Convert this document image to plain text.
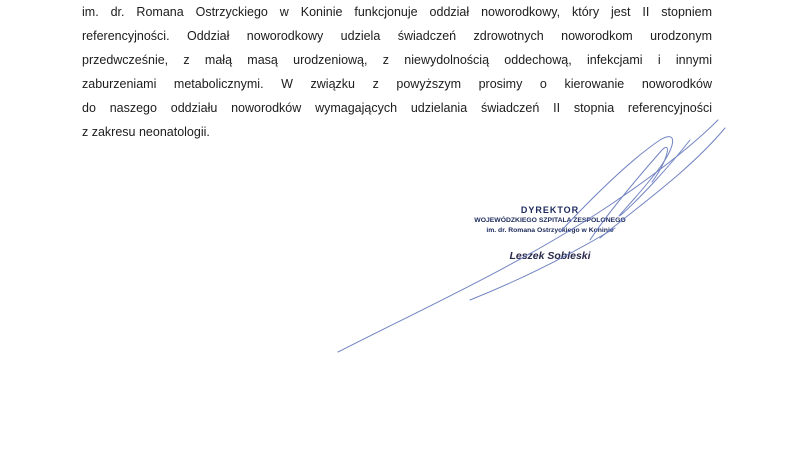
im. dr. Romana Ostrzyckiego w Koninie funkcjonuje oddział noworodkowy, który jest II stopniem
referencyjności. Oddział noworodkowy udziela świadczeń zdrowotnych noworodkom urodzonym
przedwcześnie, z małą masą urodzeniową, z niewydolnością oddechową, infekcjami i innymi
zaburzeniami metabolicznymi. W związku z powyższym prosimy o kierowanie noworodków
do naszego oddziału noworodków wymagających udzielania świadczeń II stopnia referencyjności
z zakresu neonatologii.
DYREKTOR
WOJEWÓDZKIEGO SZPITALA ZESPOLONEGO
im. dr. Romana Ostrzyckiego w Koninie
Leszek Sobleski
